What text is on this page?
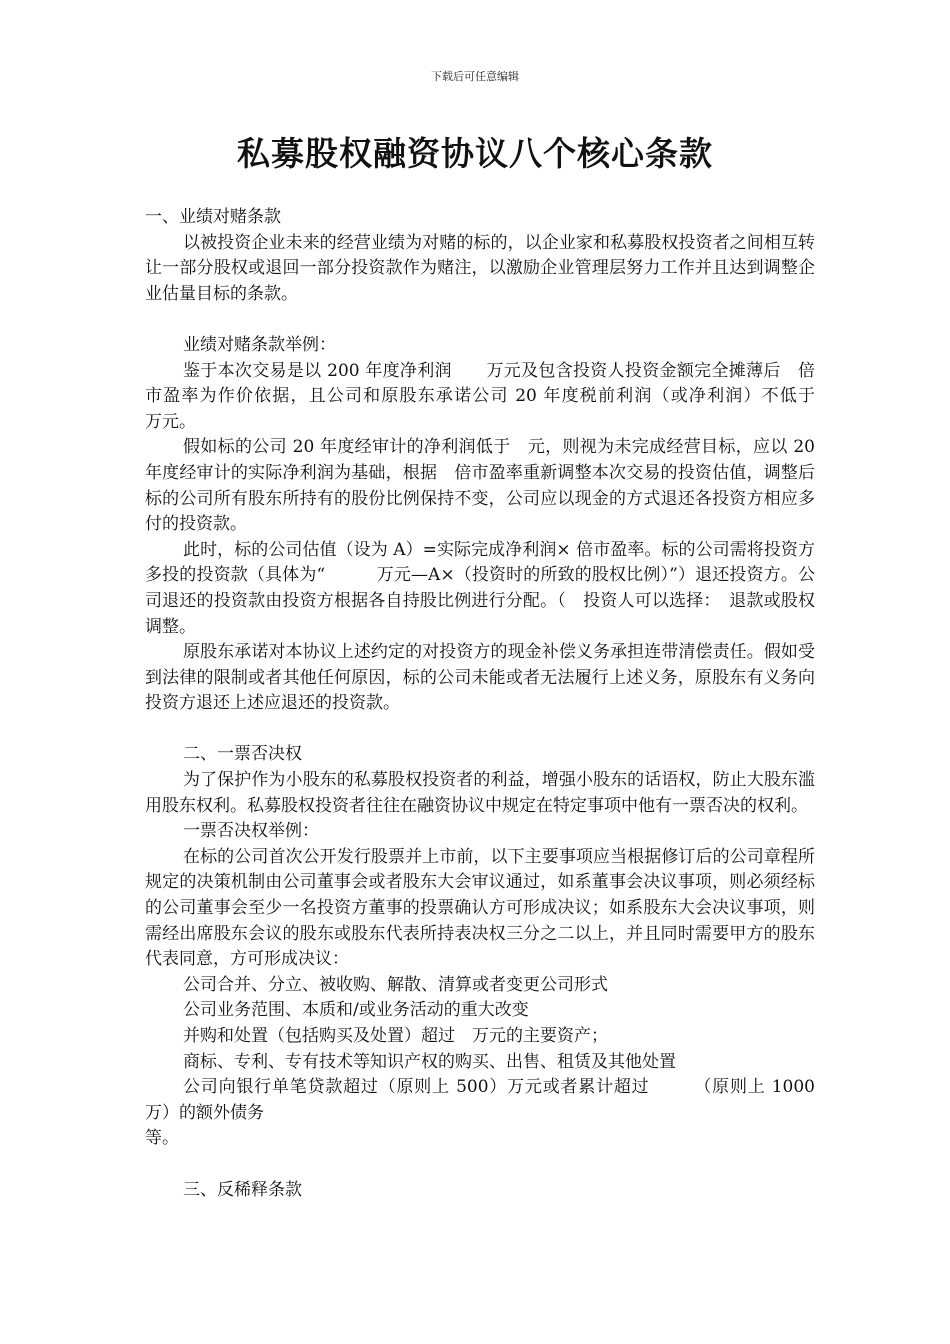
下载后可任意编辑
私募股权融资协议八个核心条款

一、业绩对赌条款

以被投资企业未来的经营业绩为对赌的标的，以企业家和私募股权投资者之间相互转让一部分股权或退回一部分投资款作为赌注，以激励企业管理层努力工作并且达到调整企业估量目标的条款。

业绩对赌条款举例：

鉴于本次交易是以 200 年度净利润　　万元及包含投资人投资金额完全摊薄后　倍市盈率为作价依据，且公司和原股东承诺公司 20 年度税前利润（或净利润）不低于　　万元。

假如标的公司 20 年度经审计的净利润低于　元，则视为未完成经营目标，应以 20 年度经审计的实际净利润为基础，根据　倍市盈率重新调整本次交易的投资估值，调整后标的公司所有股东所持有的股份比例保持不变，公司应以现金的方式退还各投资方相应多付的投资款。

此时，标的公司估值（设为 A）=实际完成净利润× 倍市盈率。标的公司需将投资方多投的投资款（具体为“　　　万元—A×（投资时的所致的股权比例）”）退还投资方。公司退还的投资款由投资方根据各自持股比例进行分配。（　投资人可以选择：　退款或股权调整。

原股东承诺对本协议上述约定的对投资方的现金补偿义务承担连带清偿责任。假如受到法律的限制或者其他任何原因，标的公司未能或者无法履行上述义务，原股东有义务向投资方退还上述应退还的投资款。

二、一票否决权

为了保护作为小股东的私募股权投资者的利益，增强小股东的话语权，防止大股东滥用股东权利。私募股权投资者往往在融资协议中规定在特定事项中他有一票否决的权利。

一票否决权举例：

在标的公司首次公开发行股票并上市前，以下主要事项应当根据修订后的公司章程所规定的决策机制由公司董事会或者股东大会审议通过，如系董事会决议事项，则必须经标的公司董事会至少一名投资方董事的投票确认方可形成决议；如系股东大会决议事项，则需经出席股东会议的股东或股东代表所持表决权三分之二以上，并且同时需要甲方的股东代表同意，方可形成决议：

公司合并、分立、被收购、解散、清算或者变更公司形式

公司业务范围、本质和/或业务活动的重大改变

并购和处置（包括购买及处置）超过　万元的主要资产；

商标、专利、专有技术等知识产权的购买、出售、租赁及其他处置

公司向银行单笔贷款超过（原则上 500）万元或者累计超过　　　（原则上 1000 万）的额外债务

等。

三、反稀释条款
